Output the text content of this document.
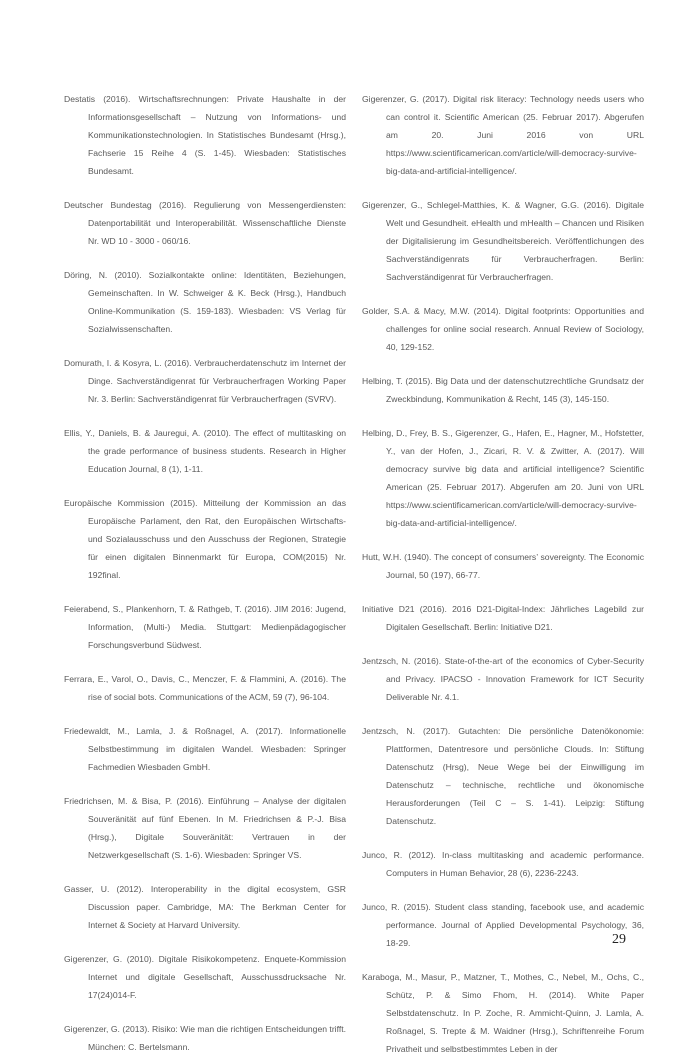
Destatis (2016). Wirtschaftsrechnungen: Private Haushalte in der Informationsgesellschaft – Nutzung von Informations- und Kommunikationstechnologien. In Statistisches Bundesamt (Hrsg.), Fachserie 15 Reihe 4 (S. 1-45). Wiesbaden: Statistisches Bundesamt.

Deutscher Bundestag (2016). Regulierung von Messengerdiensten: Datenportabilität und Interoperabilität. Wissenschaftliche Dienste Nr. WD 10 - 3000 - 060/16.

Döring, N. (2010). Sozialkontakte online: Identitäten, Beziehungen, Gemeinschaften. In W. Schweiger & K. Beck (Hrsg.), Handbuch Online-Kommunikation (S. 159-183). Wiesbaden: VS Verlag für Sozialwissenschaften.

Domurath, I. & Kosyra, L. (2016). Verbraucherdatenschutz im Internet der Dinge. Sachverständigenrat für Verbraucherfragen Working Paper Nr. 3. Berlin: Sachverständigenrat für Verbraucherfragen (SVRV).

Ellis, Y., Daniels, B. & Jauregui, A. (2010). The effect of multitasking on the grade performance of business students. Research in Higher Education Journal, 8 (1), 1-11.

Europäische Kommission (2015). Mitteilung der Kommission an das Europäische Parlament, den Rat, den Europäischen Wirtschafts- und Sozialausschuss und den Ausschuss der Regionen, Strategie für einen digitalen Binnenmarkt für Europa, COM(2015) Nr. 192final.

Feierabend, S., Plankenhorn, T. & Rathgeb, T. (2016). JIM 2016: Jugend, Information, (Multi-) Media. Stuttgart: Medienpädagogischer Forschungsverbund Südwest.

Ferrara, E., Varol, O., Davis, C., Menczer, F. & Flammini, A. (2016). The rise of social bots. Communications of the ACM, 59 (7), 96-104.

Friedewaldt, M., Lamla, J. & Roßnagel, A. (2017). Informationelle Selbstbestimmung im digitalen Wandel. Wiesbaden: Springer Fachmedien Wiesbaden GmbH.

Friedrichsen, M. & Bisa, P. (2016). Einführung – Analyse der digitalen Souveränität auf fünf Ebenen. In M. Friedrichsen & P.-J. Bisa (Hrsg.), Digitale Souveränität: Vertrauen in der Netzwerkgesellschaft (S. 1-6). Wiesbaden: Springer VS.

Gasser, U. (2012). Interoperability in the digital ecosystem, GSR Discussion paper. Cambridge, MA: The Berkman Center for Internet & Society at Harvard University.

Gigerenzer, G. (2010). Digitale Risikokompetenz. Enquete-Kommission Internet und digitale Gesellschaft, Ausschussdrucksache Nr. 17(24)014-F.

Gigerenzer, G. (2013). Risiko: Wie man die richtigen Entscheidungen trifft. München: C. Bertelsmann.

Gigerenzer, G. (2017). Digital risk literacy: Technology needs users who can control it. Scientific American (25. Februar 2017). Abgerufen am 20. Juni 2016 von URL https://www.scientificamerican.com/article/will-democracy-survive-big-data-and-artificial-intelligence/.

Gigerenzer, G., Schlegel-Matthies, K. & Wagner, G.G. (2016). Digitale Welt und Gesundheit. eHealth und mHealth – Chancen und Risiken der Digitalisierung im Gesundheitsbereich. Veröffentlichungen des Sachverständigenrats für Verbraucherfragen. Berlin: Sachverständigenrat für Verbraucherfragen.

Golder, S.A. & Macy, M.W. (2014). Digital footprints: Opportunities and challenges for online social research. Annual Review of Sociology, 40, 129-152.

Helbing, T. (2015). Big Data und der datenschutzrechtliche Grundsatz der Zweckbindung, Kommunikation & Recht, 145 (3), 145-150.

Helbing, D., Frey, B. S., Gigerenzer, G., Hafen, E., Hagner, M., Hofstetter, Y., van der Hofen, J., Zicari, R. V. & Zwitter, A. (2017). Will democracy survive big data and artificial intelligence? Scientific American (25. Februar 2017). Abgerufen am 20. Juni von URL https://www.scientificamerican.com/article/will-democracy-survive-big-data-and-artificial-intelligence/.

Hutt, W.H. (1940). The concept of consumers’ sovereignty. The Economic Journal, 50 (197), 66-77.

Initiative D21 (2016). 2016 D21-Digital-Index: Jährliches Lagebild zur Digitalen Gesellschaft. Berlin: Initiative D21.

Jentzsch, N. (2016). State-of-the-art of the economics of Cyber-Security and Privacy. IPACSO - Innovation Framework for ICT Security Deliverable Nr. 4.1.

Jentzsch, N. (2017). Gutachten: Die persönliche Datenökonomie: Plattformen, Datentresore und persönliche Clouds. In: Stiftung Datenschutz (Hrsg), Neue Wege bei der Einwilligung im Datenschutz – technische, rechtliche und ökonomische Herausforderungen (Teil C – S. 1-41). Leipzig: Stiftung Datenschutz.

Junco, R. (2012). In-class multitasking and academic performance. Computers in Human Behavior, 28 (6), 2236-2243.

Junco, R. (2015). Student class standing, facebook use, and academic performance. Journal of Applied Developmental Psychology, 36, 18-29.

Karaboga, M., Masur, P., Matzner, T., Mothes, C., Nebel, M., Ochs, C., Schütz, P. & Simo Fhom, H. (2014). White Paper Selbstdatenschutz. In P. Zoche, R. Ammicht-Quinn, J. Lamla, A. Roßnagel, S. Trepte & M. Waidner (Hrsg.), Schriftenreihe Forum Privatheit und selbstbestimmtes Leben in der

29
